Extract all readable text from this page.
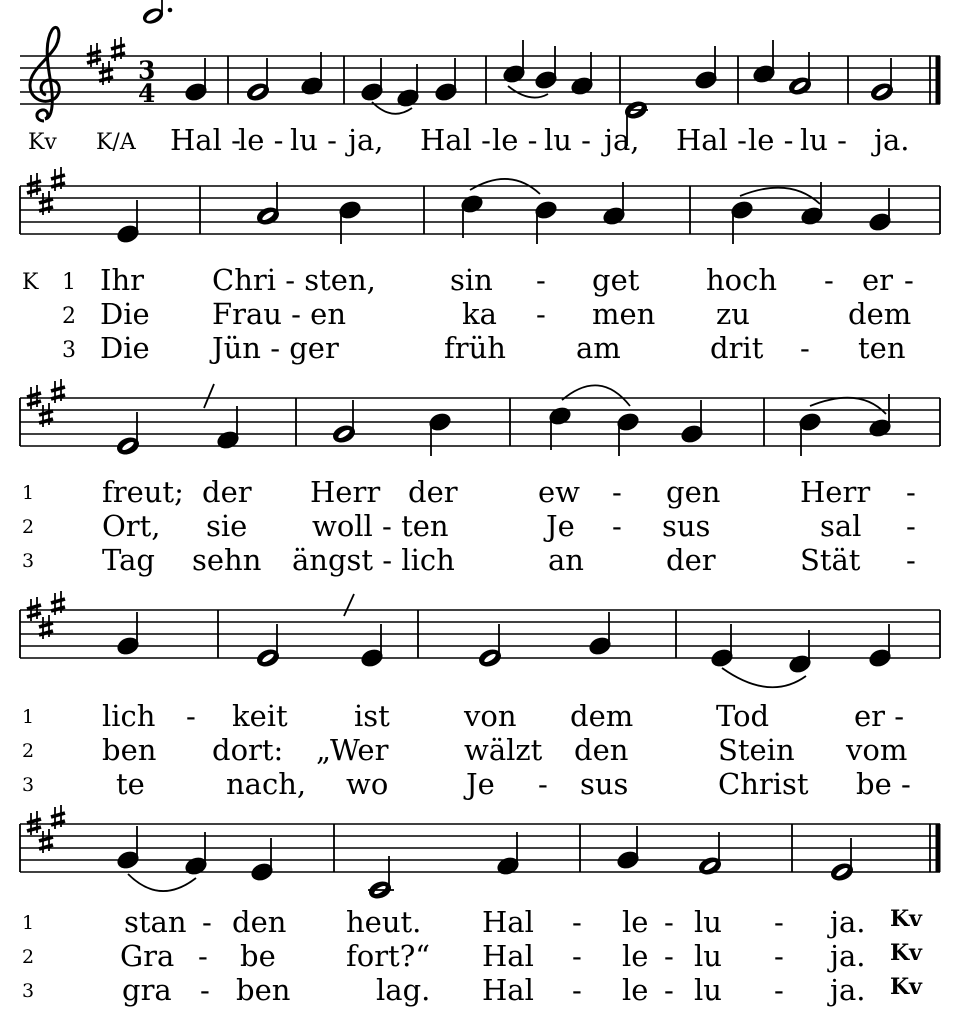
3
4
Kv K/A Hal -
le - lu - ja, Hal - le - lu - ja, Hal - le - lu - ja.
K 1
2
3
Ihr Chri - sten,	sin - get hoch - er -
Die Frau - en	ka - men zu	dem
Die Jün - ger	früh am	drit - ten
1
2
3
freut; der Herr der	ew - gen	Herr -
Ort, sie woll - ten	Je - sus	sal -
Tag sehn ängst - lich	an	der	Stät -
1
2
3
lich - keit ist	von dem	Tod	er -
ben dort: „Wer	wälzt den	Stein vom
te	nach, wo	Je - sus	Christ be -
1
2
3
stan - den heut. Hal - le - lu - ja. Kv
Gra - be fort?“ Hal - le - lu - ja. Kv
gra - ben	lag. Hal - le - lu - ja. Kv
